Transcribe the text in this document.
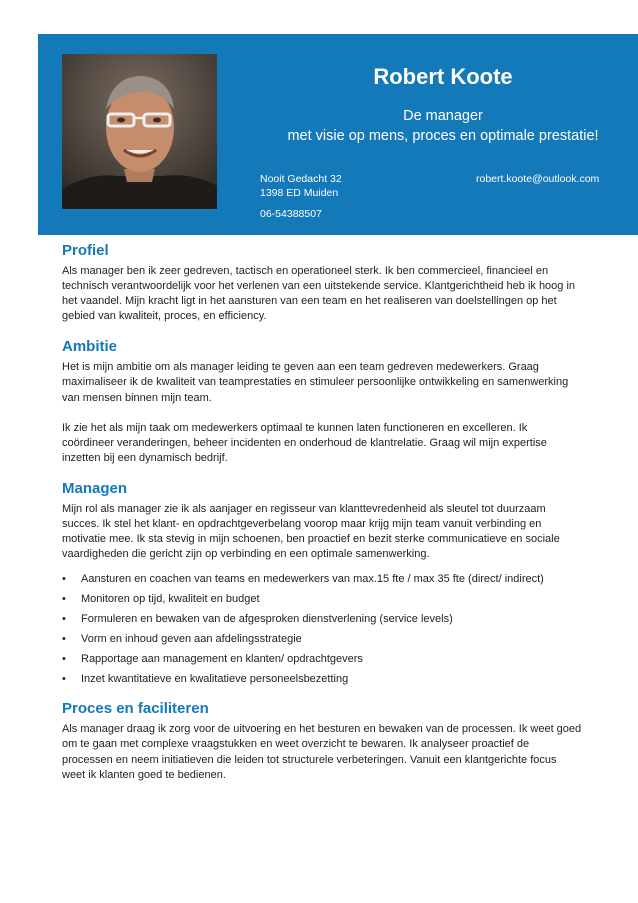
Robert Koote
De manager
met visie op mens, proces en optimale prestatie!
Nooit Gedacht 32
1398 ED Muiden
06-54388507
robert.koote@outlook.com
Profiel

Als manager ben ik zeer gedreven, tactisch en operationeel sterk. Ik ben commercieel, financieel en technisch verantwoordelijk voor het verlenen van een uitstekende service. Klantgerichtheid heb ik hoog in het vaandel. Mijn kracht ligt in het aansturen van een team en het realiseren van doelstellingen op het gebied van kwaliteit, proces, en efficiency.

Ambitie

Het is mijn ambitie om als manager leiding te geven aan een team gedreven medewerkers. Graag maximaliseer ik de kwaliteit van teamprestaties en stimuleer persoonlijke ontwikkeling en samenwerking van mensen binnen mijn team.

Ik zie het als mijn taak om medewerkers optimaal te kunnen laten functioneren en excelleren. Ik coördineer veranderingen, beheer incidenten en onderhoud de klantrelatie. Graag wil mijn expertise inzetten bij een dynamisch bedrijf.

Managen

Mijn rol als manager zie ik als aanjager en regisseur van klanttevredenheid als sleutel tot duurzaam succes. Ik stel het klant- en opdrachtgeverbelang voorop maar krijg mijn team vanuit verbinding en motivatie mee. Ik sta stevig in mijn schoenen, ben proactief en bezit sterke communicatieve en sociale vaardigheden die gericht zijn op verbinding en een optimale samenwerking.

• Aansturen en coachen van teams en medewerkers van max.15 fte / max 35 fte (direct/ indirect)
• Monitoren op tijd, kwaliteit en budget
• Formuleren en bewaken van de afgesproken dienstverlening (service levels)
• Vorm en inhoud geven aan afdelingsstrategie
• Rapportage aan management en klanten/ opdrachtgevers
• Inzet kwantitatieve en kwalitatieve personeelsbezetting
Proces en faciliteren

Als manager draag ik zorg voor de uitvoering en het besturen en bewaken van de processen. Ik weet goed om te gaan met complexe vraagstukken en weet overzicht te bewaren. Ik analyseer proactief de processen en neem initiatieven die leiden tot structurele verbeteringen. Vanuit een klantgerichte focus weet ik klanten goed te bedienen.
